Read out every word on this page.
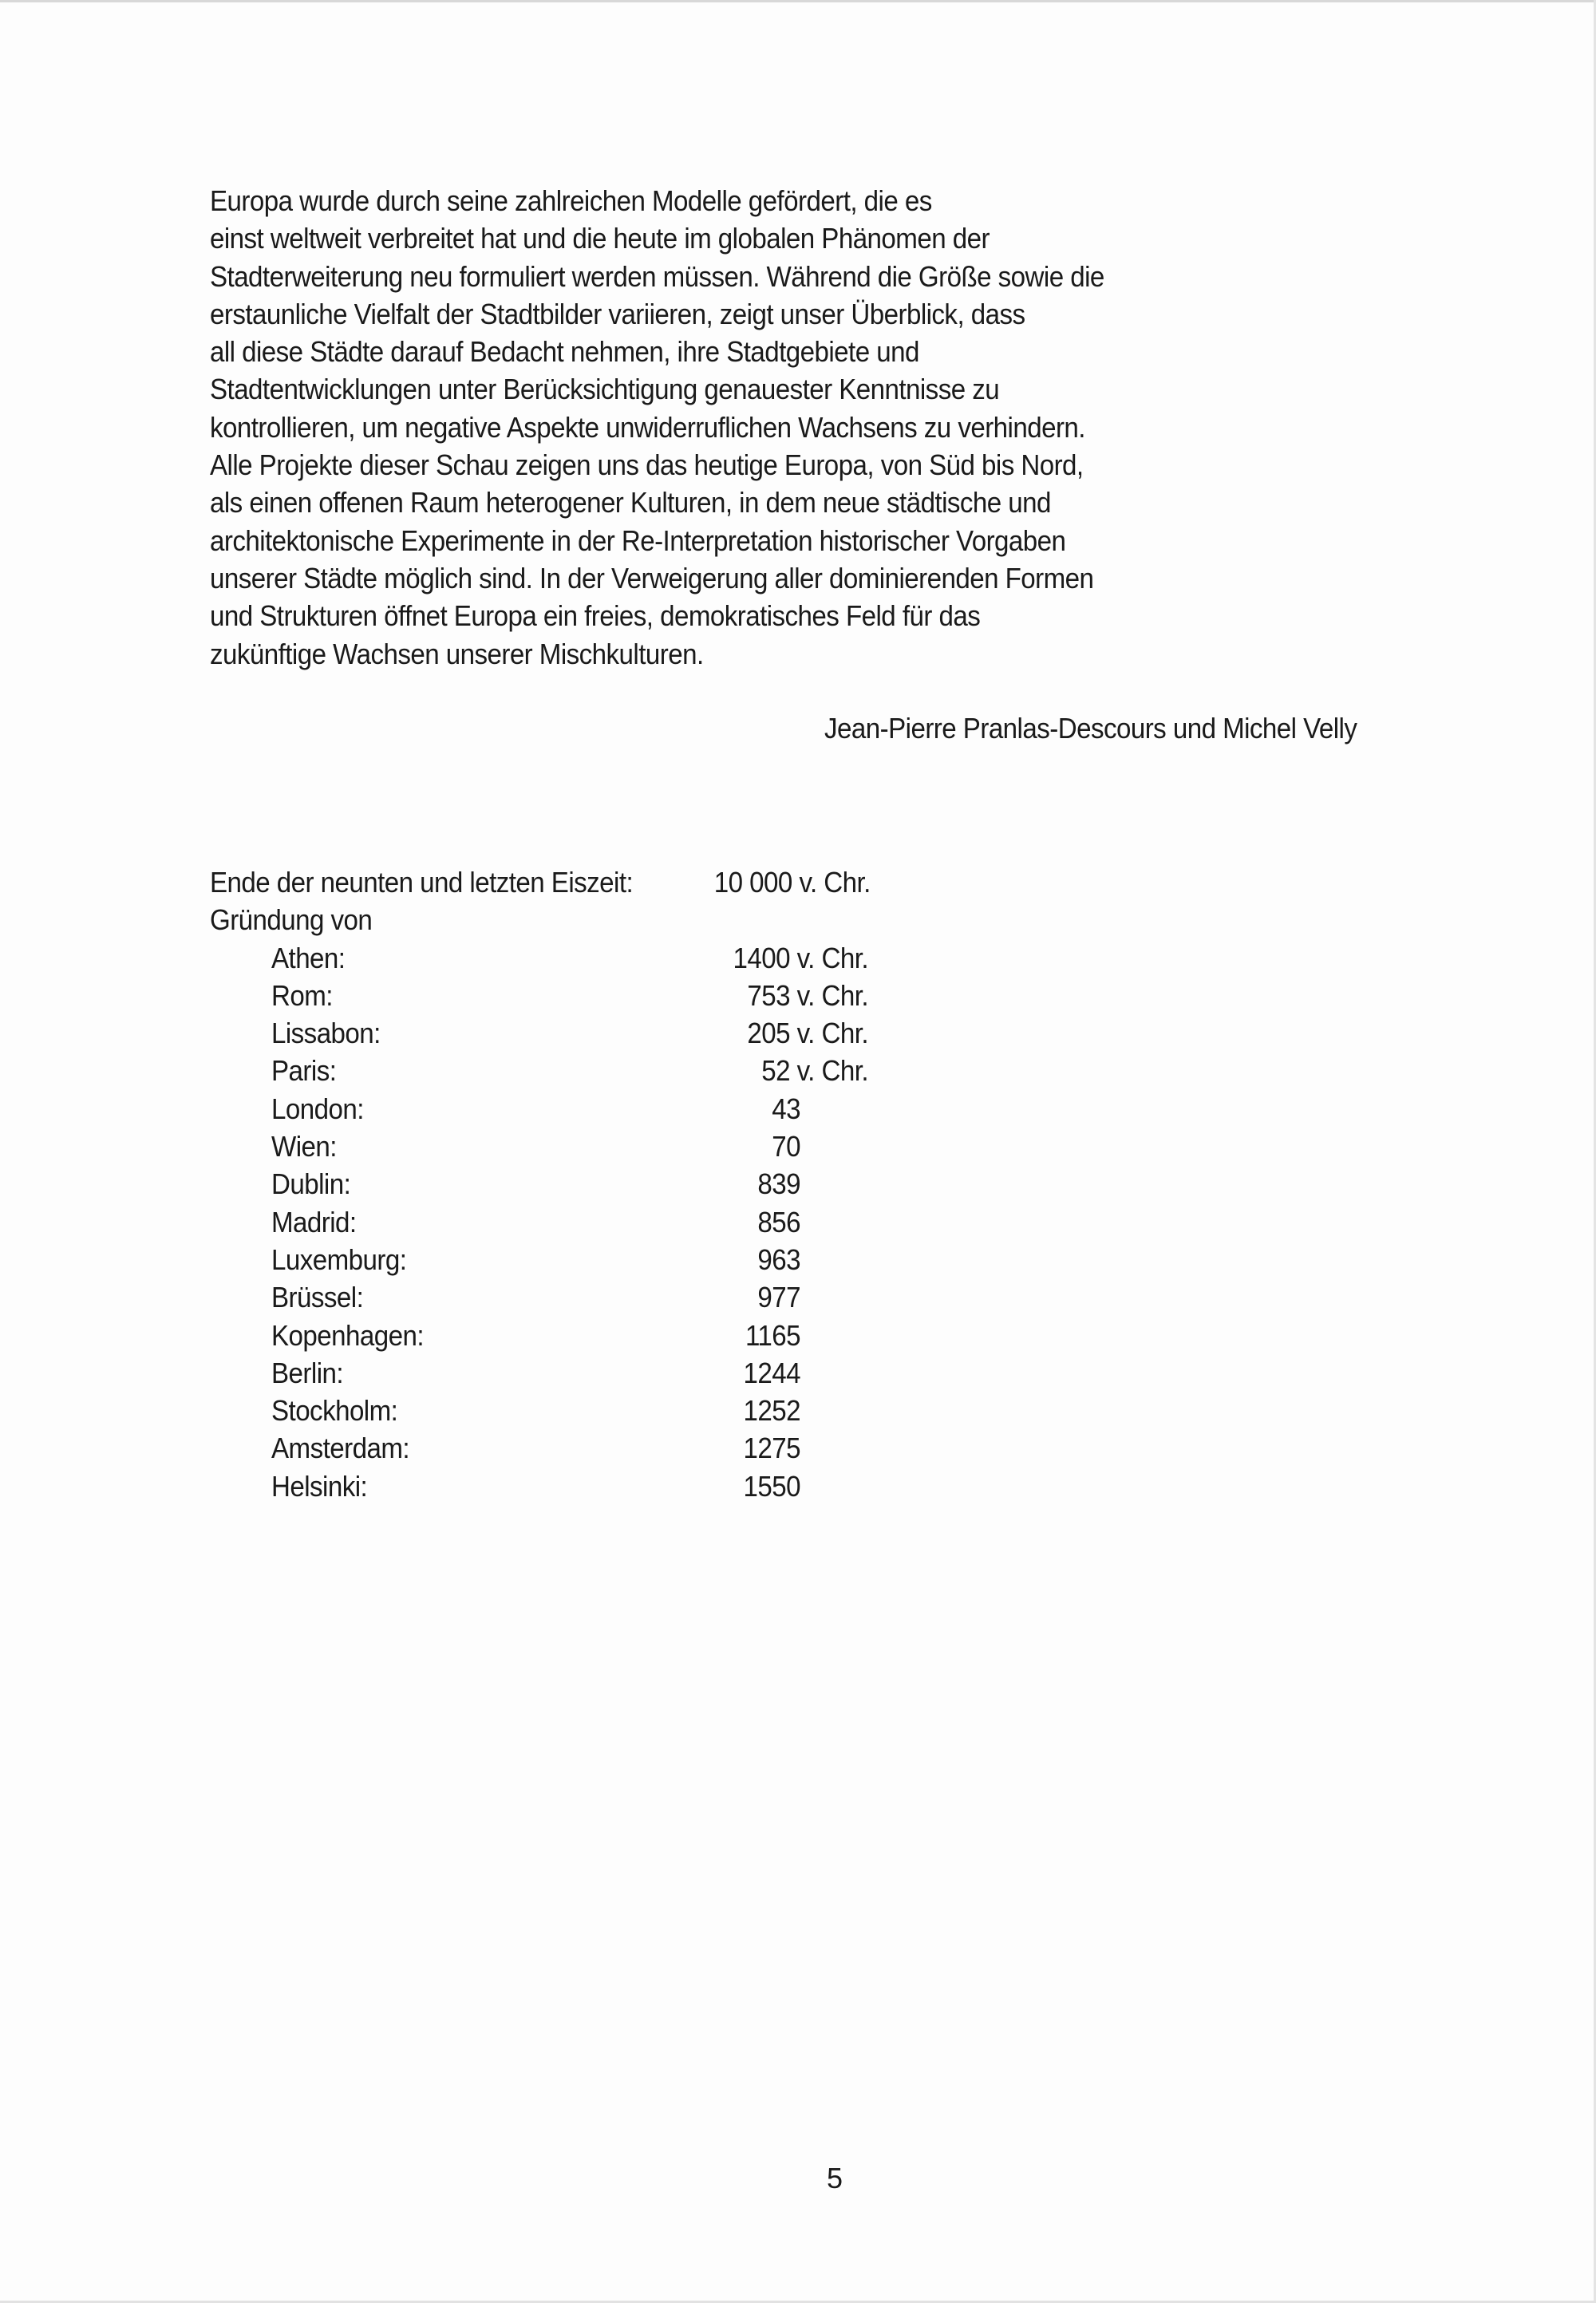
Europa wurde durch seine zahlreichen Modelle gefördert, die es
einst weltweit verbreitet hat und die heute im globalen Phänomen der
Stadterweiterung neu formuliert werden müssen. Während die Größe sowie die
erstaunliche Vielfalt der Stadtbilder variieren, zeigt unser Überblick, dass
all diese Städte darauf Bedacht nehmen, ihre Stadtgebiete und
Stadtentwicklungen unter Berücksichtigung genauester Kenntnisse zu
kontrollieren, um negative Aspekte unwiderruflichen Wachsens zu verhindern.
Alle Projekte dieser Schau zeigen uns das heutige Europa, von Süd bis Nord,
als einen offenen Raum heterogener Kulturen, in dem neue städtische und
architektonische Experimente in der Re-Interpretation historischer Vorgaben
unserer Städte möglich sind. In der Verweigerung aller dominierenden Formen
und Strukturen öffnet Europa ein freies, demokratisches Feld für das
zukünftige Wachsen unserer Mischkulturen.
Jean-Pierre Pranlas-Descours und Michel Velly
Ende der neunten und letzten Eiszeit:	10 000 v. Chr.
Gründung von
Athen:	1400 v. Chr.
Rom:	753 v. Chr.
Lissabon:	205 v. Chr.
Paris:	52 v. Chr.
London:	43
Wien:	70
Dublin:	839
Madrid:	856
Luxemburg:	963
Brüssel:	977
Kopenhagen:	1165
Berlin:	1244
Stockholm:	1252
Amsterdam:	1275
Helsinki:	1550
5
